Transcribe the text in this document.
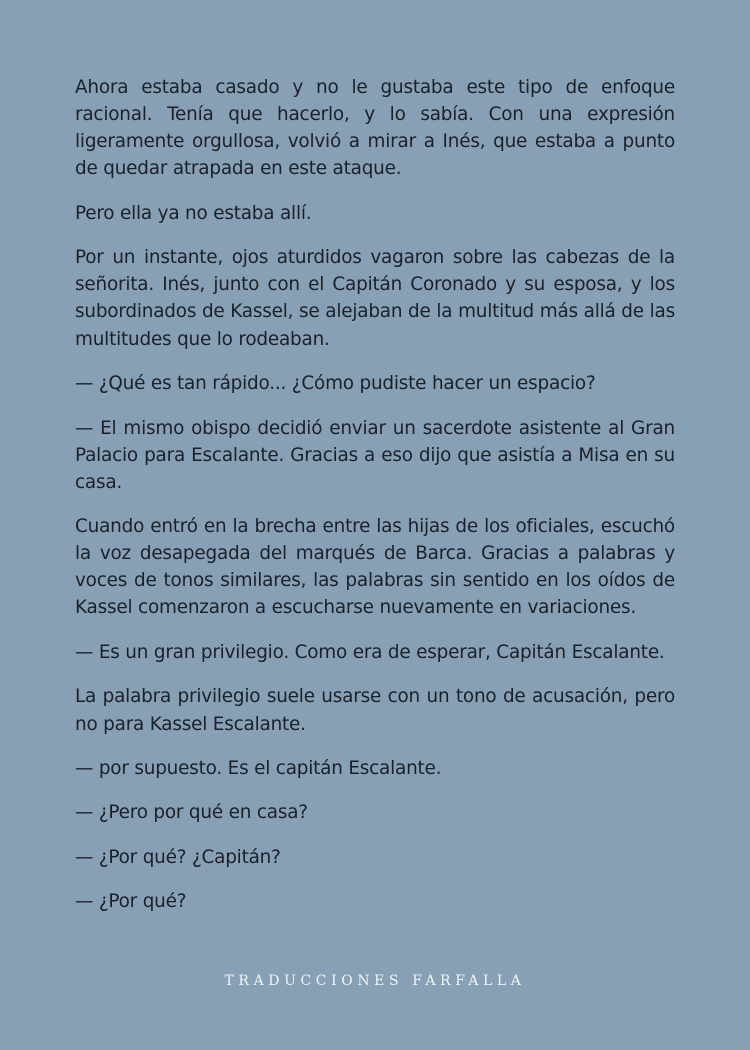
Ahora estaba casado y no le gustaba este tipo de enfoque racional. Tenía que hacerlo, y lo sabía. Con una expresión ligeramente orgullosa, volvió a mirar a Inés, que estaba a punto de quedar atrapada en este ataque.

Pero ella ya no estaba allí.

Por un instante, ojos aturdidos vagaron sobre las cabezas de la señorita. Inés, junto con el Capitán Coronado y su esposa, y los subordinados de Kassel, se alejaban de la multitud más allá de las multitudes que lo rodeaban.

— ¿Qué es tan rápido... ¿Cómo pudiste hacer un espacio?

— El mismo obispo decidió enviar un sacerdote asistente al Gran Palacio para Escalante. Gracias a eso dijo que asistía a Misa en su casa.

Cuando entró en la brecha entre las hijas de los oficiales, escuchó la voz desapegada del marqués de Barca. Gracias a palabras y voces de tonos similares, las palabras sin sentido en los oídos de Kassel comenzaron a escucharse nuevamente en variaciones.

— Es un gran privilegio. Como era de esperar, Capitán Escalante.

La palabra privilegio suele usarse con un tono de acusación, pero no para Kassel Escalante.

— por supuesto. Es el capitán Escalante.

— ¿Pero por qué en casa?

— ¿Por qué? ¿Capitán?

— ¿Por qué?

TRADUCCIONES FARFALLA
